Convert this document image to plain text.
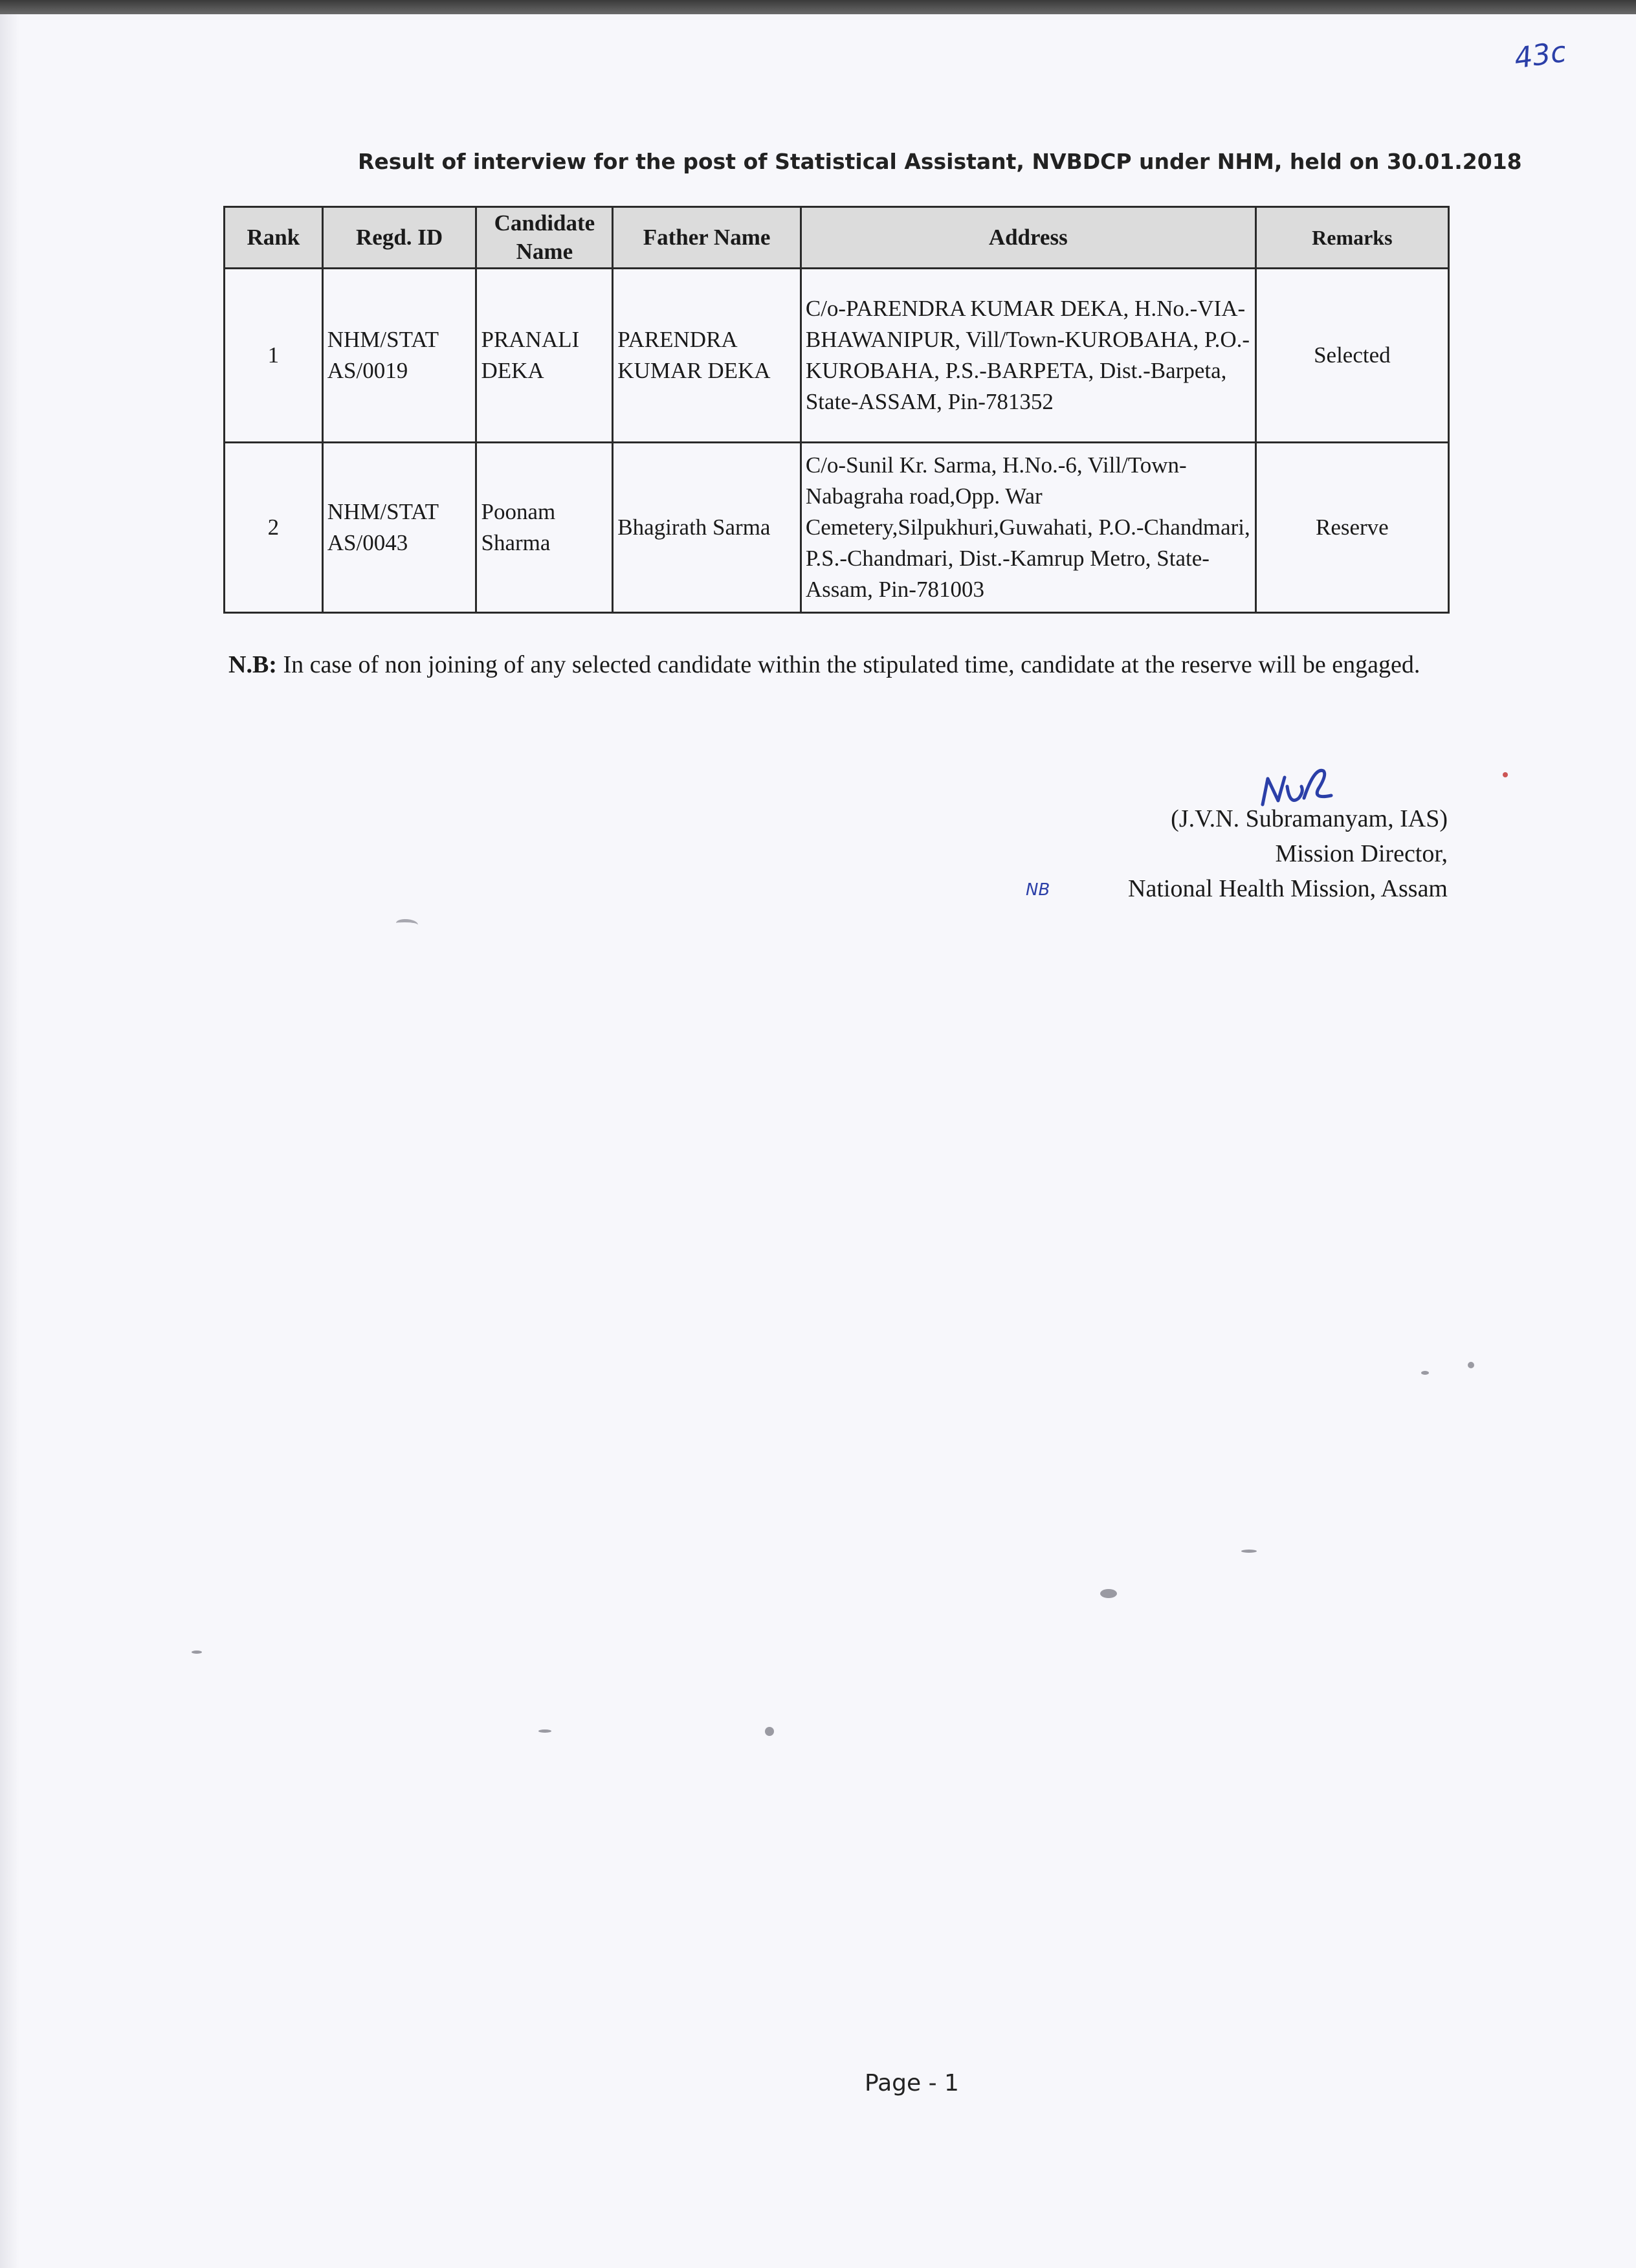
43c
Result of interview for the post of Statistical Assistant, NVBDCP under NHM, held on 30.01.2018
Rank	Regd. ID	Candidate Name	Father Name	Address	Remarks
1	NHM/STAT AS/0019	PRANALI DEKA	PARENDRA KUMAR DEKA	C/o-PARENDRA KUMAR DEKA, H.No.-VIA- BHAWANIPUR, Vill/Town-KUROBAHA, P.O.-KUROBAHA, P.S.-BARPETA, Dist.-Barpeta, State-ASSAM, Pin-781352	Selected
2	NHM/STAT AS/0043	Poonam Sharma	Bhagirath Sarma	C/o-Sunil Kr. Sarma, H.No.-6, Vill/Town-Nabagraha road,Opp. War Cemetery,Silpukhuri,Guwahati, P.O.-Chandmari, P.S.-Chandmari, Dist.-Kamrup Metro, State-Assam, Pin-781003	Reserve
N.B: In case of non joining of any selected candidate within the stipulated time, candidate at the reserve will be engaged.
(J.V.N. Subramanyam, IAS)
Mission Director,
National Health Mission, Assam
NB
Page - 1
